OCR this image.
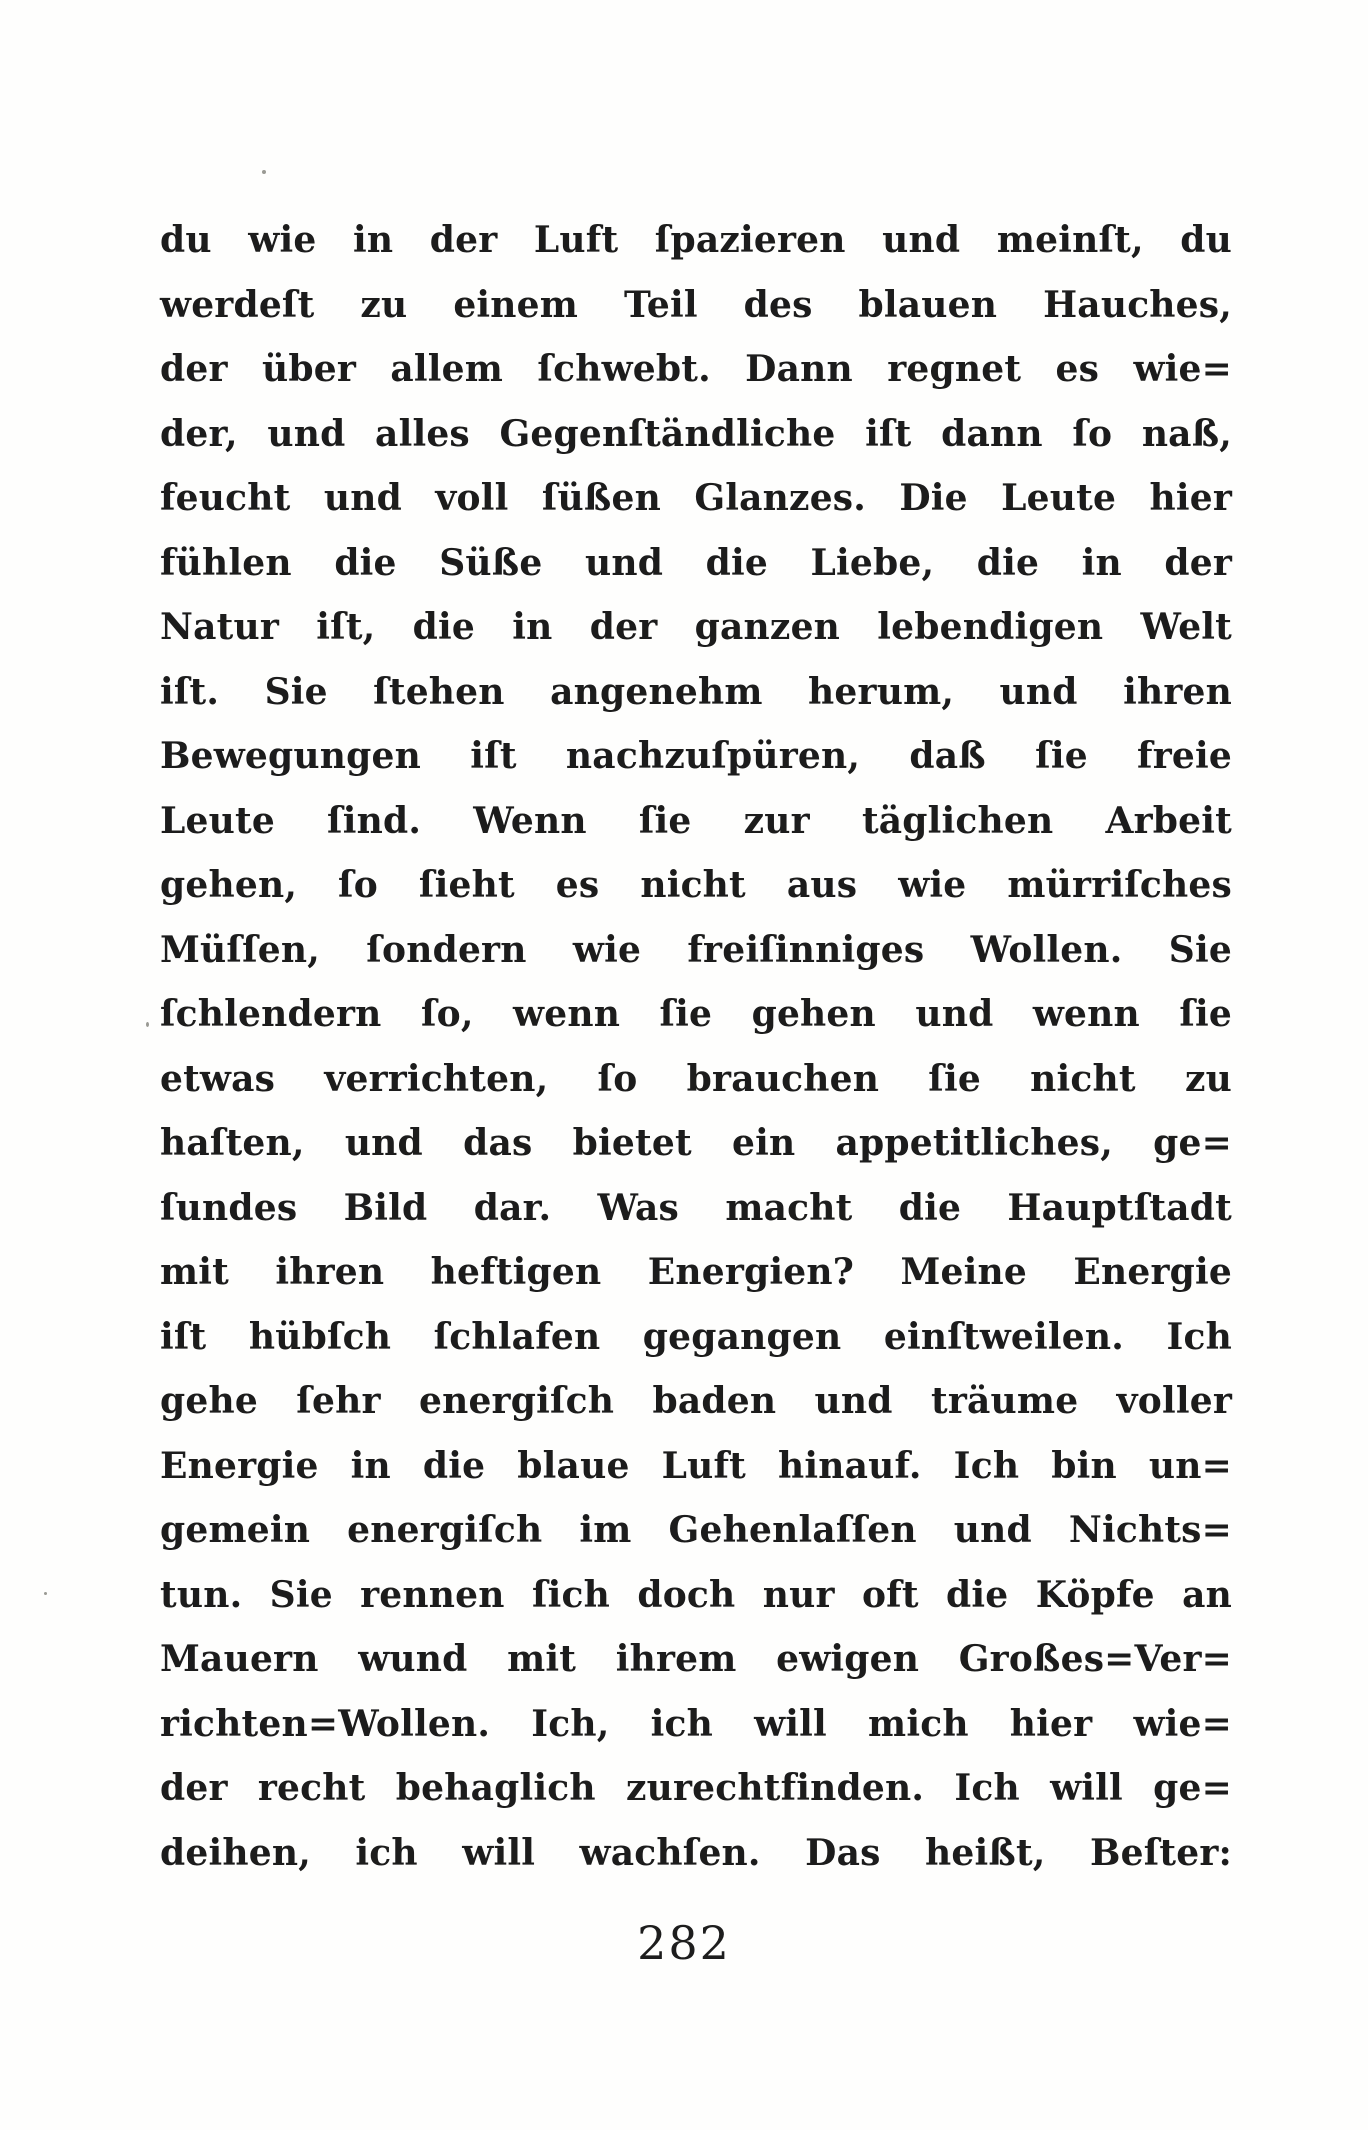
du wie in der Luft ſpazieren und meinſt, du
werdeſt zu einem Teil des blauen Hauches,
der über allem ſchwebt. Dann regnet es wie=
der, und alles Gegenſtändliche iſt dann ſo naß,
feucht und voll ſüßen Glanzes. Die Leute hier
fühlen die Süße und die Liebe, die in der
Natur iſt, die in der ganzen lebendigen Welt
iſt. Sie ſtehen angenehm herum, und ihren
Bewegungen iſt nachzuſpüren, daß ſie freie
Leute ſind. Wenn ſie zur täglichen Arbeit
gehen, ſo ſieht es nicht aus wie mürriſches
Müſſen, ſondern wie freiſinniges Wollen. Sie
ſchlendern ſo, wenn ſie gehen und wenn ſie
etwas verrichten, ſo brauchen ſie nicht zu
haſten, und das bietet ein appetitliches, ge=
ſundes Bild dar. Was macht die Hauptſtadt
mit ihren heftigen Energien? Meine Energie
iſt hübſch ſchlafen gegangen einſtweilen. Ich
gehe ſehr energiſch baden und träume voller
Energie in die blaue Luft hinauf. Ich bin un=
gemein energiſch im Gehenlaſſen und Nichts=
tun. Sie rennen ſich doch nur oft die Köpfe an
Mauern wund mit ihrem ewigen Großes=Ver=
richten=Wollen. Ich, ich will mich hier wie=
der recht behaglich zurechtfinden. Ich will ge=
deihen, ich will wachſen. Das heißt, Beſter:
282
